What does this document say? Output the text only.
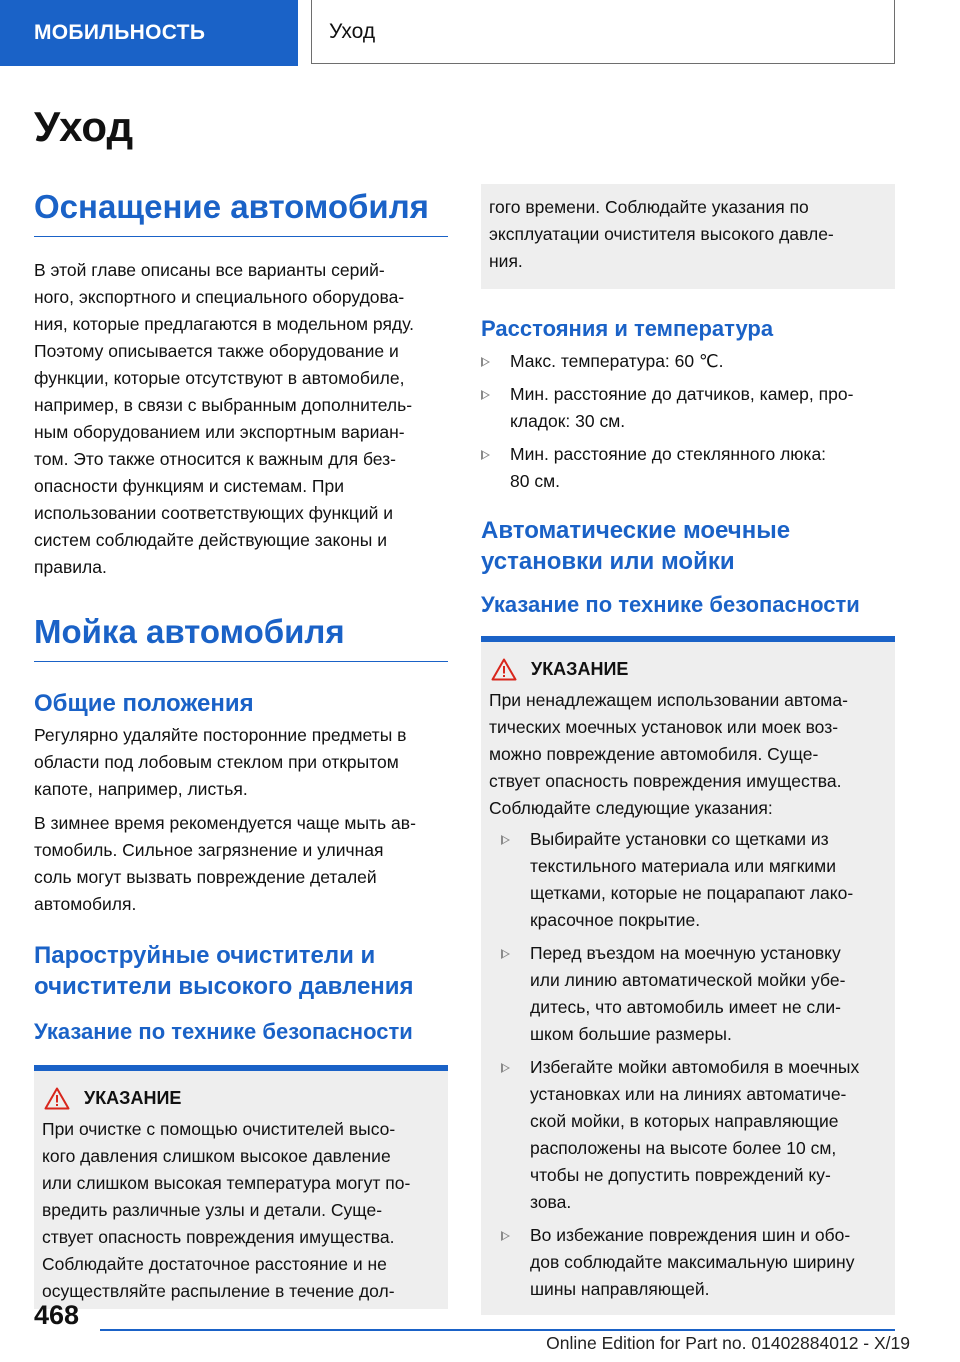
МОБИЛЬНОСТЬ	Уход
Уход
Оснащение автомобиля

В этой главе описаны все варианты серий-
ного, экспортного и специального оборудова-
ния, которые предлагаются в модельном ряду.
Поэтому описывается также оборудование и
функции, которые отсутствуют в автомобиле,
например, в связи с выбранным дополнитель-
ным оборудованием или экспортным вариан-
том. Это также относится к важным для без-
опасности функциям и системам. При
использовании соответствующих функций и
систем соблюдайте действующие законы и
правила.

Мойка автомобиля
Общие положения

Регулярно удаляйте посторонние предметы в
области под лобовым стеклом при открытом
капоте, например, листья.

В зимнее время рекомендуется чаще мыть ав-
томобиль. Сильное загрязнение и уличная
соль могут вызвать повреждение деталей
автомобиля.

Пароструйные очистители и
очистители высокого давления
Указание по технике безопасности
УКАЗАНИЕ

При очистке с помощью очистителей высо-
кого давления слишком высокое давление
или слишком высокая температура могут по-
вредить различные узлы и детали. Суще-
ствует опасность повреждения имущества.
Соблюдайте достаточное расстояние и не
осуществляйте распыление в течение дол-

гого времени. Соблюдайте указания по
эксплуатации очистителя высокого давле-
ния.

Расстояния и температура
Макс. температура: 60 ℃.
Мин. расстояние до датчиков, камер, про-
кладок: 30 см.
Мин. расстояние до стеклянного люка:
80 см.
Автоматические моечные
установки или мойки
Указание по технике безопасности
УКАЗАНИЕ

При ненадлежащем использовании автома-
тических моечных установок или моек воз-
можно повреждение автомобиля. Суще-
ствует опасность повреждения имущества.
Соблюдайте следующие указания:

Выбирайте установки со щетками из
текстильного материала или мягкими
щетками, которые не поцарапают лако-
красочное покрытие.
Перед въездом на моечную установку
или линию автоматической мойки убе-
дитесь, что автомобиль имеет не сли-
шком большие размеры.
Избегайте мойки автомобиля в моечных
установках или на линиях автоматиче-
ской мойки, в которых направляющие
расположены на высоте более 10 см,
чтобы не допустить повреждений ку-
зова.
Во избежание повреждения шин и обо-
дов соблюдайте максимальную ширину
шины направляющей.
468
Online Edition for Part no. 01402884012 - X/19
